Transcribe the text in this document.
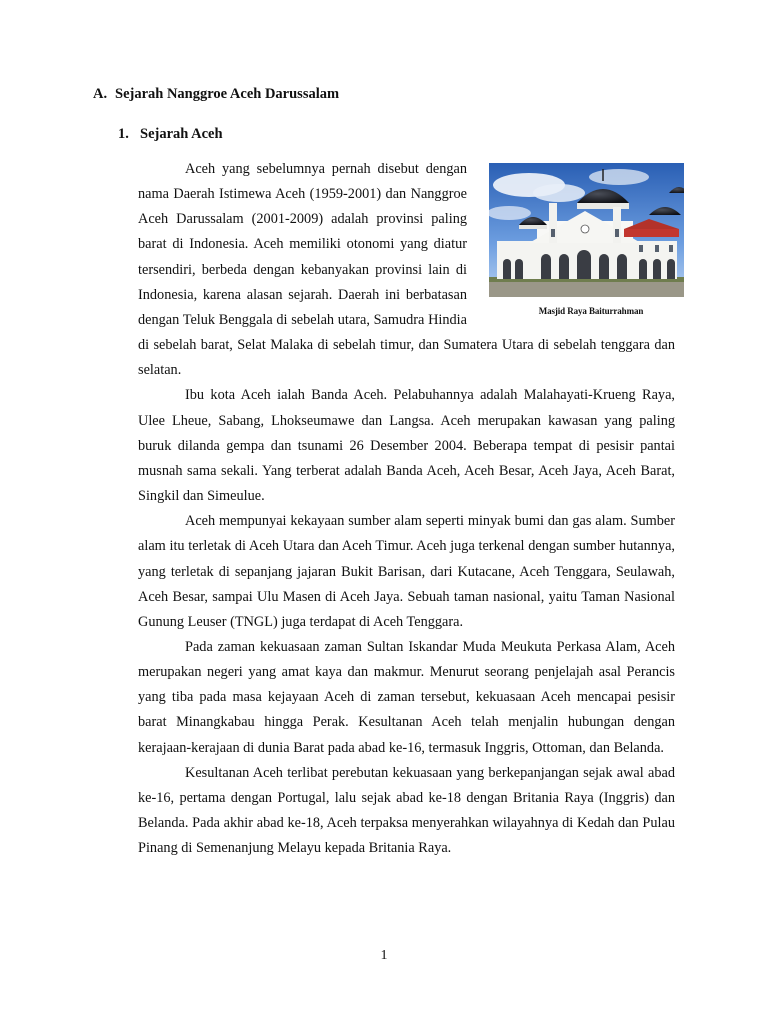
A. Sejarah Nanggroe Aceh Darussalam
1. Sejarah Aceh
Masjid Raya Baiturrahman

Aceh yang sebelumnya pernah disebut dengan nama Daerah Istimewa Aceh (1959-2001) dan Nanggroe Aceh Darussalam (2001-2009) adalah provinsi paling barat di Indonesia. Aceh memiliki otonomi yang diatur tersendiri, berbeda dengan kebanyakan provinsi lain di Indonesia, karena alasan sejarah. Daerah ini berbatasan dengan Teluk Benggala di sebelah utara, Samudra Hindia di sebelah barat, Selat Malaka di sebelah timur, dan Sumatera Utara di sebelah tenggara dan selatan.

Ibu kota Aceh ialah Banda Aceh. Pelabuhannya adalah Malahayati-Krueng Raya, Ulee Lheue, Sabang, Lhokseumawe dan Langsa. Aceh merupakan kawasan yang paling buruk dilanda gempa dan tsunami 26 Desember 2004. Beberapa tempat di pesisir pantai musnah sama sekali. Yang terberat adalah Banda Aceh, Aceh Besar, Aceh Jaya, Aceh Barat, Singkil dan Simeulue.

Aceh mempunyai kekayaan sumber alam seperti minyak bumi dan gas alam. Sumber alam itu terletak di Aceh Utara dan Aceh Timur. Aceh juga terkenal dengan sumber hutannya, yang terletak di sepanjang jajaran Bukit Barisan, dari Kutacane, Aceh Tenggara, Seulawah, Aceh Besar, sampai Ulu Masen di Aceh Jaya. Sebuah taman nasional, yaitu Taman Nasional Gunung Leuser (TNGL) juga terdapat di Aceh Tenggara.

Pada zaman kekuasaan zaman Sultan Iskandar Muda Meukuta Perkasa Alam, Aceh merupakan negeri yang amat kaya dan makmur. Menurut seorang penjelajah asal Perancis yang tiba pada masa kejayaan Aceh di zaman tersebut, kekuasaan Aceh mencapai pesisir barat Minangkabau hingga Perak. Kesultanan Aceh telah menjalin hubungan dengan kerajaan-kerajaan di dunia Barat pada abad ke-16, termasuk Inggris, Ottoman, dan Belanda.

Kesultanan Aceh terlibat perebutan kekuasaan yang berkepanjangan sejak awal abad ke-16, pertama dengan Portugal, lalu sejak abad ke-18 dengan Britania Raya (Inggris) dan Belanda. Pada akhir abad ke-18, Aceh terpaksa menyerahkan wilayahnya di Kedah dan Pulau Pinang di Semenanjung Melayu kepada Britania Raya.

1
